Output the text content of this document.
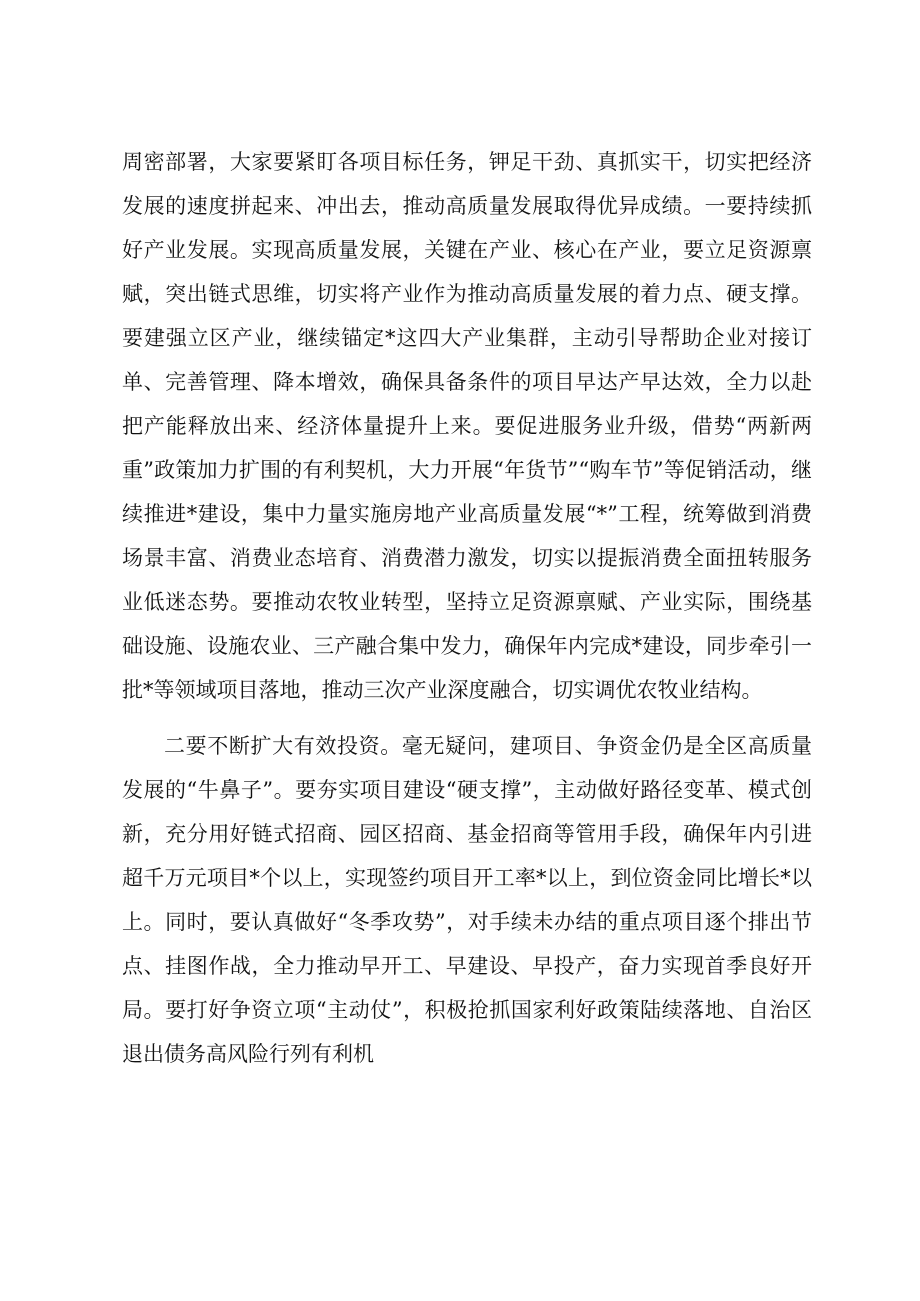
周密部署，大家要紧盯各项目标任务，钾足干劲、真抓实干，切实把经济发展的速度拼起来、冲出去，推动高质量发展取得优异成绩。一要持续抓好产业发展。实现高质量发展，关键在产业、核心在产业，要立足资源禀赋，突出链式思维，切实将产业作为推动高质量发展的着力点、硬支撑。要建强立区产业，继续锚定*这四大产业集群，主动引导帮助企业对接订单、完善管理、降本增效，确保具备条件的项目早达产早达效，全力以赴把产能释放出来、经济体量提升上来。要促进服务业升级，借势“两新两重”政策加力扩围的有利契机，大力开展“年货节”“购车节”等促销活动，继续推进*建设，集中力量实施房地产业高质量发展“*”工程，统筹做到消费场景丰富、消费业态培育、消费潜力激发，切实以提振消费全面扭转服务业低迷态势。要推动农牧业转型，坚持立足资源禀赋、产业实际，围绕基础设施、设施农业、三产融合集中发力，确保年内完成*建设，同步牵引一批*等领域项目落地，推动三次产业深度融合，切实调优农牧业结构。

二要不断扩大有效投资。毫无疑问，建项目、争资金仍是全区高质量发展的“牛鼻子”。要夯实项目建设“硬支撑”，主动做好路径变革、模式创新，充分用好链式招商、园区招商、基金招商等管用手段，确保年内引进超千万元项目*个以上，实现签约项目开工率*以上，到位资金同比增长*以上。同时，要认真做好“冬季攻势”，对手续未办结的重点项目逐个排出节点、挂图作战，全力推动早开工、早建设、早投产，奋力实现首季良好开局。要打好争资立项“主动仗”，积极抢抓国家利好政策陆续落地、自治区退出债务高风险行列有利机
